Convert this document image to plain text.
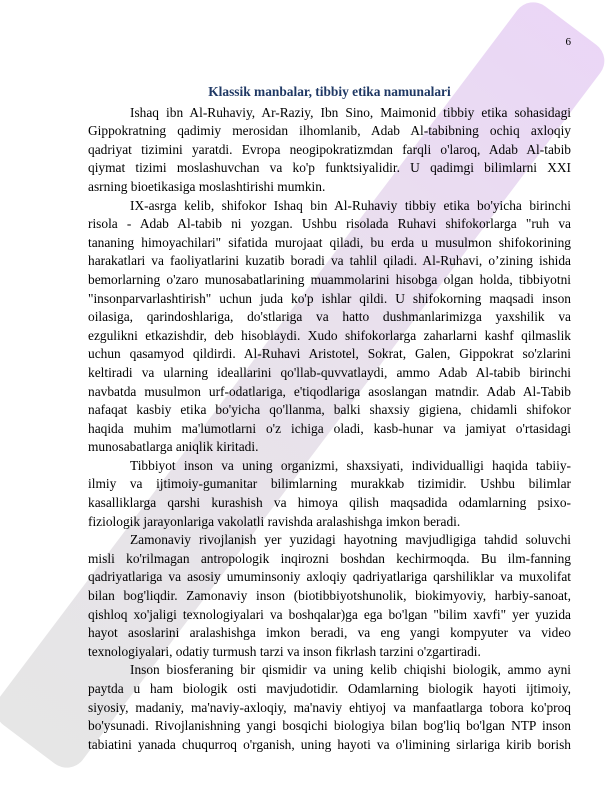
6
Klassik manbalar, tibbiy etika namunalari
Ishaq ibn Al-Ruhaviy, Ar-Raziy, Ibn Sino, Maimonid tibbiy etika sohasidagi
Gippokratning qadimiy merosidan ilhomlanib, Adab Al-tabibning ochiq axloqiy
qadriyat tizimini yaratdi. Evropa neogipokratizmdan farqli o'laroq, Adab Al-tabib
qiymat tizimi moslashuvchan va ko'p funktsiyalidir. U qadimgi bilimlarni XXI
asrning bioetikasiga moslashtirishi mumkin.
IX-asrga kelib, shifokor Ishaq bin Al-Ruhaviy tibbiy etika bo'yicha birinchi
risola - Adab Al-tabib ni yozgan. Ushbu risolada Ruhavi shifokorlarga "ruh va
tananing himoyachilari" sifatida murojaat qiladi, bu erda u musulmon shifokorining
harakatlari va faoliyatlarini kuzatib boradi va tahlil qiladi. Al-Ruhavi, o’zining ishida
bemorlarning o'zaro munosabatlarining muammolarini hisobga olgan holda, tibbiyotni
"insonparvarlashtirish" uchun juda ko'p ishlar qildi. U shifokorning maqsadi inson
oilasiga, qarindoshlariga, do'stlariga va hatto dushmanlarimizga yaxshilik va
ezgulikni etkazishdir, deb hisoblaydi. Xudo shifokorlarga zaharlarni kashf qilmaslik
uchun qasamyod qildirdi. Al-Ruhavi Aristotel, Sokrat, Galen, Gippokrat so'zlarini
keltiradi va ularning ideallarini qo'llab-quvvatlaydi, ammo Adab Al-tabib birinchi
navbatda musulmon urf-odatlariga, e'tiqodlariga asoslangan matndir. Adab Al-Tabib
nafaqat kasbiy etika bo'yicha qo'llanma, balki shaxsiy gigiena, chidamli shifokor
haqida muhim ma'lumotlarni o'z ichiga oladi, kasb-hunar va jamiyat o'rtasidagi
munosabatlarga aniqlik kiritadi.
Tibbiyot inson va uning organizmi, shaxsiyati, individualligi haqida tabiiy-
ilmiy va ijtimoiy-gumanitar bilimlarning murakkab tizimidir. Ushbu bilimlar
kasalliklarga qarshi kurashish va himoya qilish maqsadida odamlarning psixo-
fiziologik jarayonlariga vakolatli ravishda aralashishga imkon beradi.
Zamonaviy rivojlanish yer yuzidagi hayotning mavjudligiga tahdid soluvchi
misli ko'rilmagan antropologik inqirozni boshdan kechirmoqda. Bu ilm-fanning
qadriyatlariga va asosiy umuminsoniy axloqiy qadriyatlariga qarshiliklar va muxolifat
bilan bog'liqdir. Zamonaviy inson (biotibbiyotshunolik, biokimyoviy, harbiy-sanoat,
qishloq xo'jaligi texnologiyalari va boshqalar)ga ega bo'lgan "bilim xavfi" yer yuzida
hayot asoslarini aralashishga imkon beradi, va eng yangi kompyuter va video
texnologiyalari, odatiy turmush tarzi va inson fikrlash tarzini o'zgartiradi.
Inson biosferaning bir qismidir va uning kelib chiqishi biologik, ammo ayni
paytda u ham biologik osti mavjudotidir. Odamlarning biologik hayoti ijtimoiy,
siyosiy, madaniy, ma'naviy-axloqiy, ma'naviy ehtiyoj va manfaatlarga tobora ko'proq
bo'ysunadi. Rivojlanishning yangi bosqichi biologiya bilan bog'liq bo'lgan NTP inson
tabiatini yanada chuqurroq o'rganish, uning hayoti va o'limining sirlariga kirib borish
